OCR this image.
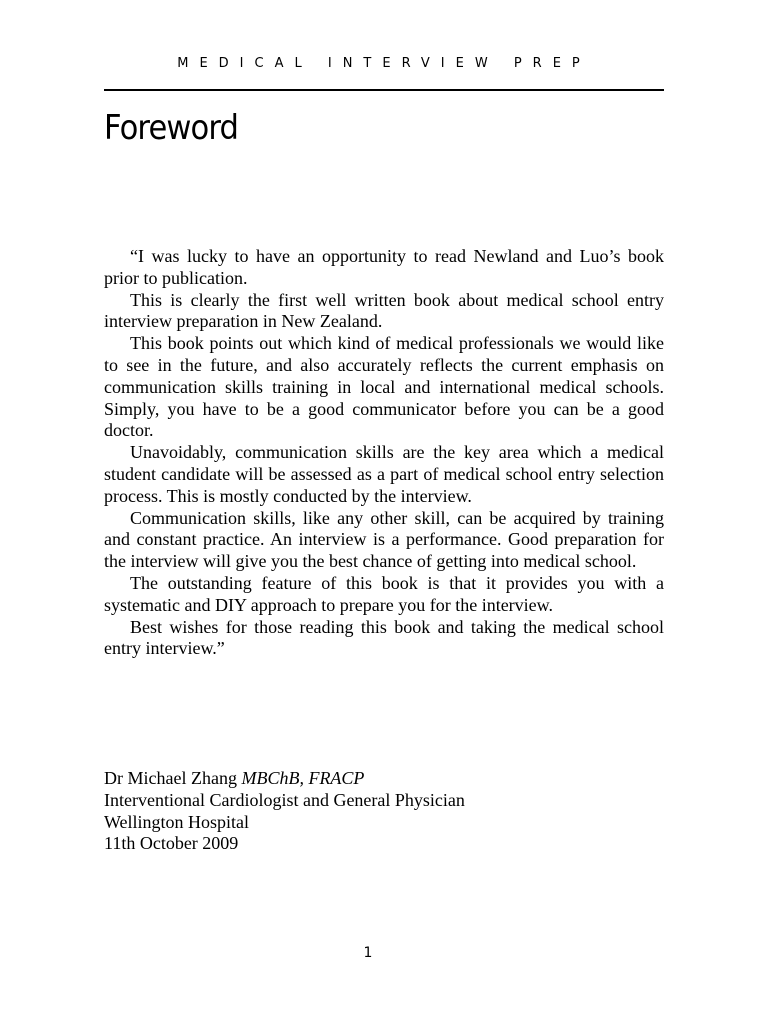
MEDICAL INTERVIEW PREP
Foreword

“I was lucky to have an opportunity to read Newland and Luo’s book prior to publication.

This is clearly the first well written book about medical school entry interview preparation in New Zealand.

This book points out which kind of medical professionals we would like to see in the future, and also accurately reflects the current emphasis on communication skills training in local and international medical schools. Simply, you have to be a good communicator before you can be a good doctor.

Unavoidably, communication skills are the key area which a medical student candidate will be assessed as a part of medical school entry selection process. This is mostly conducted by the interview.

Communication skills, like any other skill, can be acquired by training and constant practice. An interview is a performance. Good preparation for the interview will give you the best chance of getting into medical school.

The outstanding feature of this book is that it provides you with a systematic and DIY approach to prepare you for the interview.

Best wishes for those reading this book and taking the medical school entry interview.”

Dr Michael Zhang MBChB, FRACP
Interventional Cardiologist and General Physician
Wellington Hospital
11th October 2009
1
